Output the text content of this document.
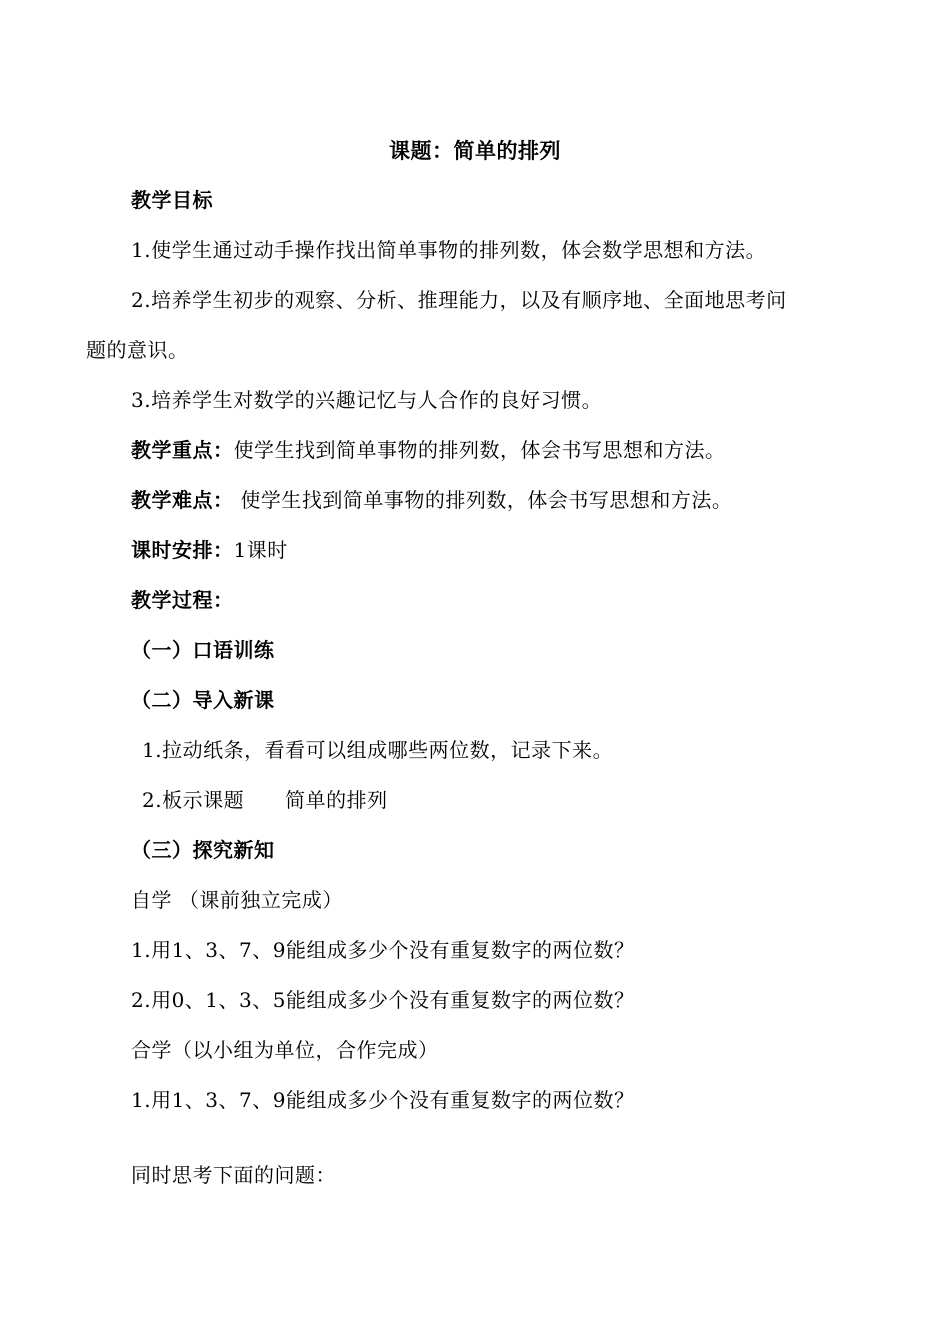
课题：简单的排列
教学目标
1.使学生通过动手操作找出简单事物的排列数，体会数学思想和方法。
2.培养学生初步的观察、分析、推理能力，以及有顺序地、全面地思考问
题的意识。
3.培养学生对数学的兴趣记忆与人合作的良好习惯。
教学重点：使学生找到简单事物的排列数，体会书写思想和方法。
教学难点： 使学生找到简单事物的排列数，体会书写思想和方法。
课时安排：1课时
教学过程：
（一）口语训练
（二）导入新课
1.拉动纸条，看看可以组成哪些两位数，记录下来。
2.板示课题　　简单的排列
（三）探究新知
自学 （课前独立完成）
1.用1、3、7、9能组成多少个没有重复数字的两位数？
2.用0、1、3、5能组成多少个没有重复数字的两位数？
合学（以小组为单位，合作完成）
1.用1、3、7、9能组成多少个没有重复数字的两位数？
同时思考下面的问题：
